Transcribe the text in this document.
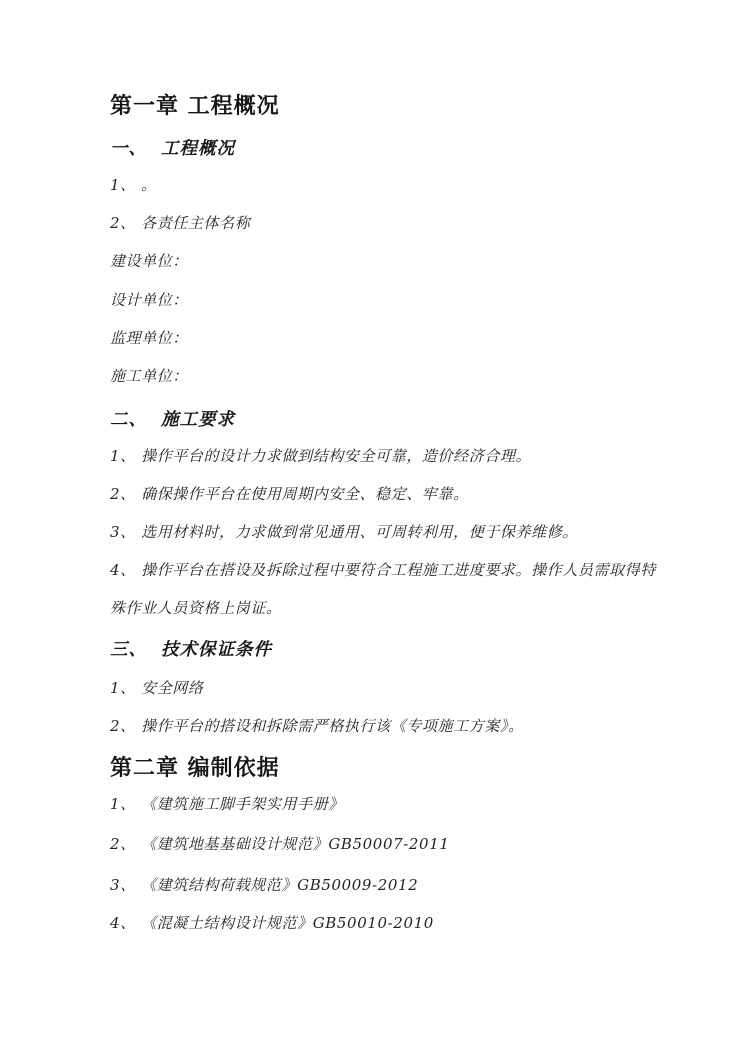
第一章 工程概况
一、 工程概况
1、 。
2、 各责任主体名称
建设单位：
设计单位：
监理单位：
施工单位：
二、 施工要求
1、 操作平台的设计力求做到结构安全可靠，造价经济合理。
2、 确保操作平台在使用周期内安全、稳定、牢靠。
3、 选用材料时，力求做到常见通用、可周转利用，便于保养维修。
4、 操作平台在搭设及拆除过程中要符合工程施工进度要求。操作人员需取得特
殊作业人员资格上岗证。
三、 技术保证条件
1、 安全网络
2、 操作平台的搭设和拆除需严格执行该《专项施工方案》。
第二章 编制依据
1、 《建筑施工脚手架实用手册》
2、 《建筑地基基础设计规范》GB50007-2011
3、 《建筑结构荷载规范》GB50009-2012
4、 《混凝土结构设计规范》GB50010-2010
